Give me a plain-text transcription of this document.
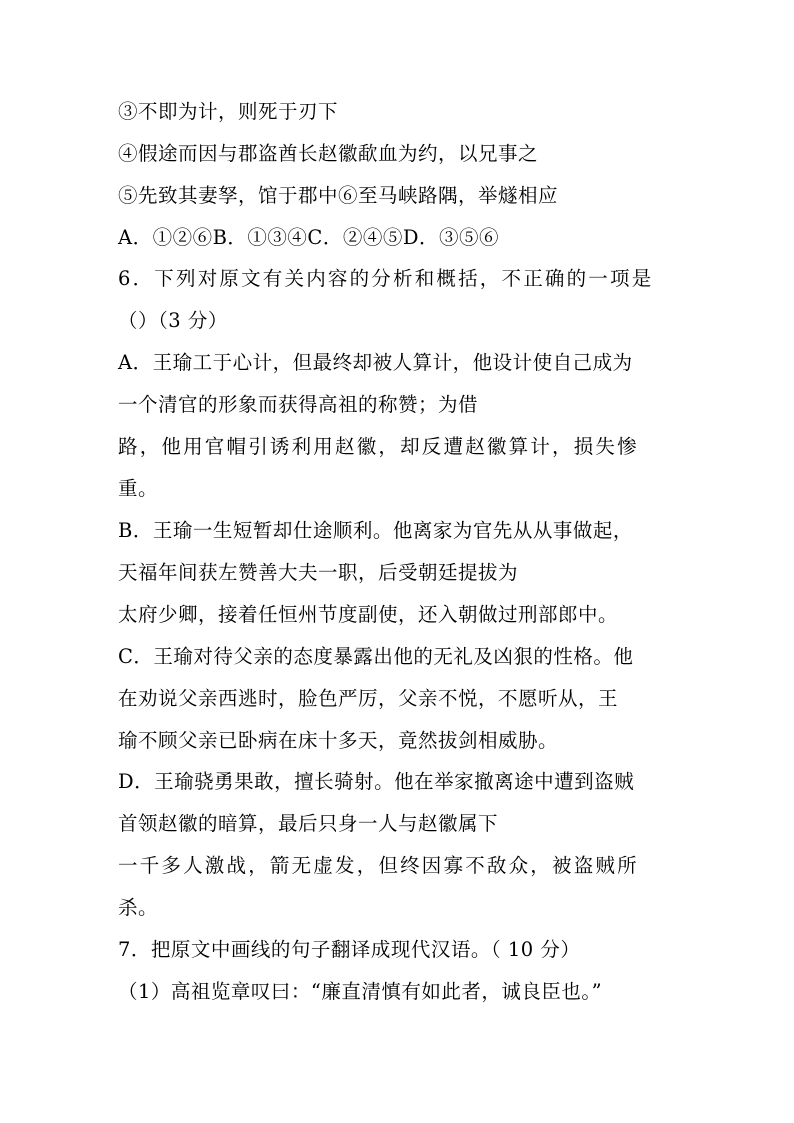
③不即为计，则死于刃下
④假途而因与郡盗酋长赵徽歃血为约，以兄事之
⑤先致其妻孥，馆于郡中⑥至马峡路隅，举燧相应
A．①②⑥B．①③④C．②④⑤D．③⑤⑥
6．下列对原文有关内容的分析和概括，不正确的一项是
（）（3 分）
A．王瑜工于心计，但最终却被人算计，他设计使自己成为
一个清官的形象而获得高祖的称赞；为借
路，他用官帽引诱利用赵徽，却反遭赵徽算计，损失惨
重。
B．王瑜一生短暂却仕途顺利。他离家为官先从从事做起，
天福年间获左赞善大夫一职，后受朝廷提拔为
太府少卿，接着任恒州节度副使，还入朝做过刑部郎中。
C．王瑜对待父亲的态度暴露出他的无礼及凶狠的性格。他
在劝说父亲西逃时，脸色严厉，父亲不悦，不愿听从，王
瑜不顾父亲已卧病在床十多天，竟然拔剑相威胁。
D．王瑜骁勇果敢，擅长骑射。他在举家撤离途中遭到盗贼
首领赵徽的暗算，最后只身一人与赵徽属下
一千多人激战，箭无虚发，但终因寡不敌众，被盗贼所
杀。
7．把原文中画线的句子翻译成现代汉语。（ 10 分）
（1）高祖览章叹曰：“廉直清慎有如此者，诚良臣也。”
